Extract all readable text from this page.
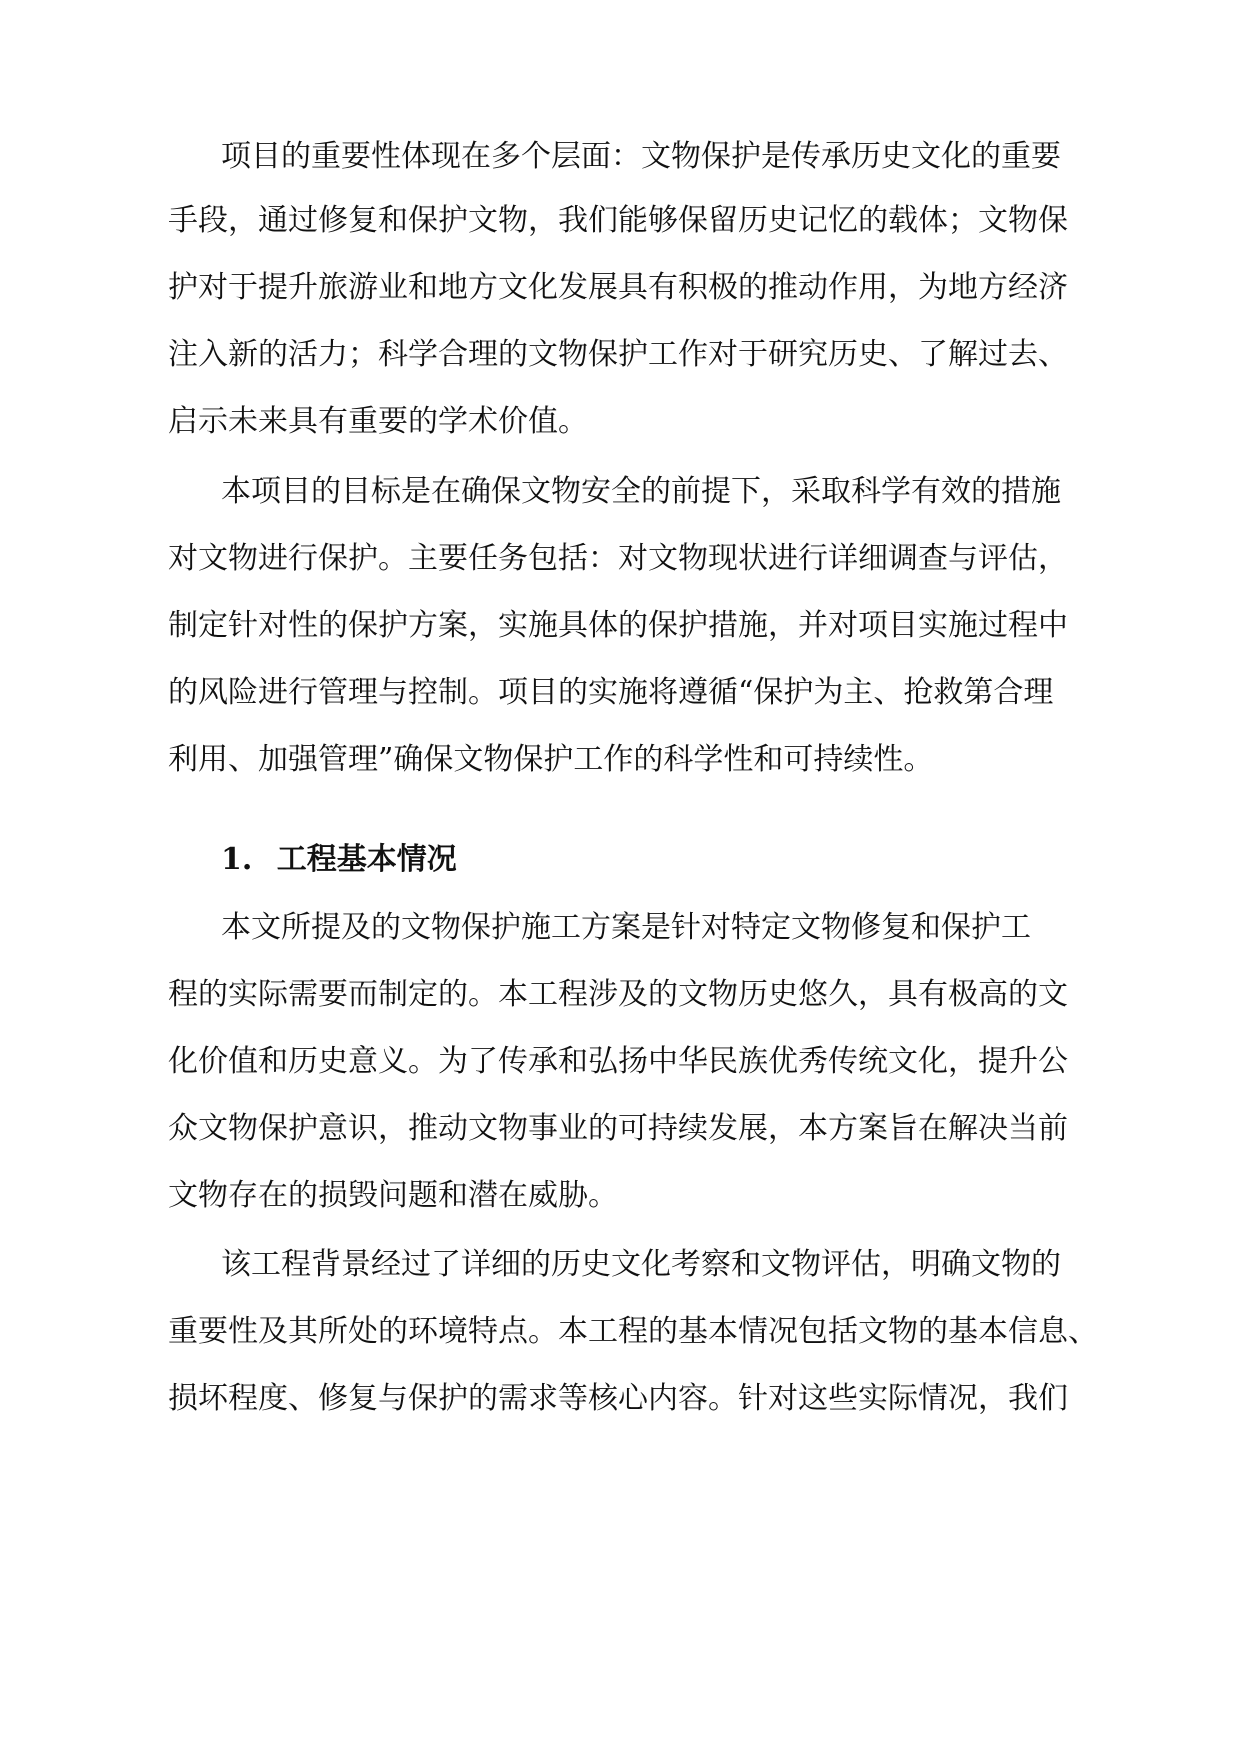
项目的重要性体现在多个层面：文物保护是传承历史文化的重要
手段，通过修复和保护文物，我们能够保留历史记忆的载体；文物保
护对于提升旅游业和地方文化发展具有积极的推动作用，为地方经济
注入新的活力；科学合理的文物保护工作对于研究历史、了解过去、
启示未来具有重要的学术价值。
本项目的目标是在确保文物安全的前提下，采取科学有效的措施
对文物进行保护。主要任务包括：对文物现状进行详细调查与评估，
制定针对性的保护方案，实施具体的保护措施，并对项目实施过程中
的风险进行管理与控制。项目的实施将遵循“保护为主、抢救第合理
利用、加强管理”确保文物保护工作的科学性和可持续性。
1. 工程基本情况
本文所提及的文物保护施工方案是针对特定文物修复和保护工
程的实际需要而制定的。本工程涉及的文物历史悠久，具有极高的文
化价值和历史意义。为了传承和弘扬中华民族优秀传统文化，提升公
众文物保护意识，推动文物事业的可持续发展，本方案旨在解决当前
文物存在的损毁问题和潜在威胁。
该工程背景经过了详细的历史文化考察和文物评估，明确文物的
重要性及其所处的环境特点。本工程的基本情况包括文物的基本信息、
损坏程度、修复与保护的需求等核心内容。针对这些实际情况，我们
